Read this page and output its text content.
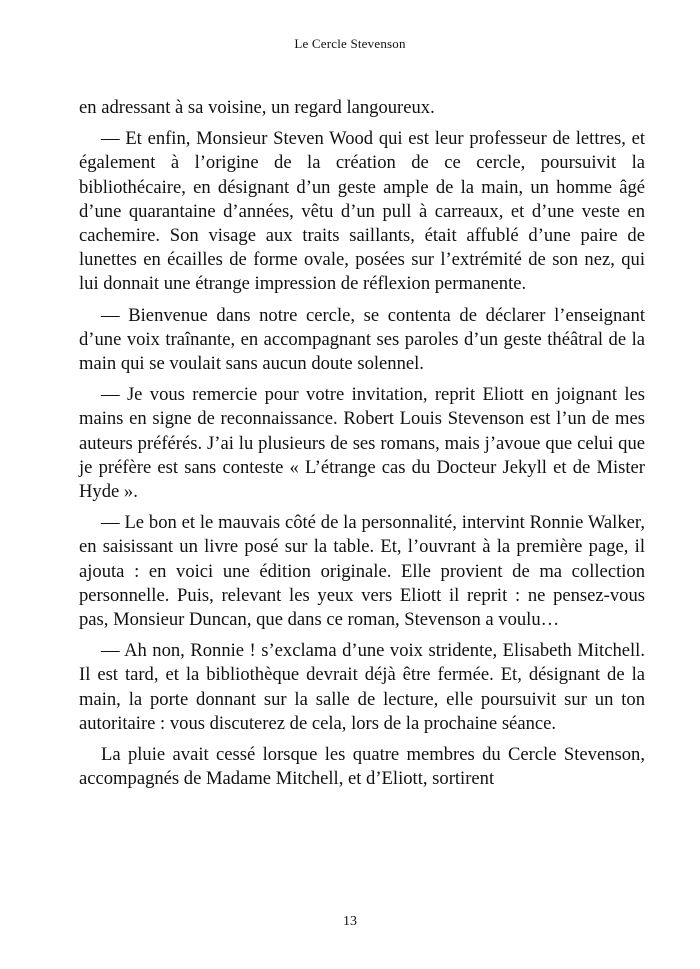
Le Cercle Stevenson

en adressant à sa voisine, un regard langoureux.

— Et enfin, Monsieur Steven Wood qui est leur professeur de lettres, et également à l’origine de la création de ce cercle, poursuivit la bibliothécaire, en désignant d’un geste ample de la main, un homme âgé d’une quarantaine d’années, vêtu d’un pull à carreaux, et d’une veste en cachemire. Son visage aux traits saillants, était affublé d’une paire de lunettes en écailles de forme ovale, posées sur l’extrémité de son nez, qui lui donnait une étrange impression de réflexion permanente.

— Bienvenue dans notre cercle, se contenta de déclarer l’enseignant d’une voix traînante, en accompagnant ses paroles d’un geste théâtral de la main qui se voulait sans aucun doute solennel.

— Je vous remercie pour votre invitation, reprit Eliott en joignant les mains en signe de reconnaissance. Robert Louis Stevenson est l’un de mes auteurs préférés. J’ai lu plusieurs de ses romans, mais j’avoue que celui que je préfère est sans conteste « L’étrange cas du Docteur Jekyll et de Mister Hyde ».

— Le bon et le mauvais côté de la personnalité, intervint Ronnie Walker, en saisissant un livre posé sur la table. Et, l’ouvrant à la première page, il ajouta : en voici une édition originale. Elle provient de ma collection personnelle. Puis, relevant les yeux vers Eliott il reprit : ne pensez-vous pas, Monsieur Duncan, que dans ce roman, Stevenson a voulu…

— Ah non, Ronnie ! s’exclama d’une voix stridente, Elisabeth Mitchell. Il est tard, et la bibliothèque devrait déjà être fermée. Et, désignant de la main, la porte donnant sur la salle de lecture, elle poursuivit sur un ton autoritaire : vous discuterez de cela, lors de la prochaine séance.

La pluie avait cessé lorsque les quatre membres du Cercle Stevenson, accompagnés de Madame Mitchell, et d’Eliott, sortirent

13
